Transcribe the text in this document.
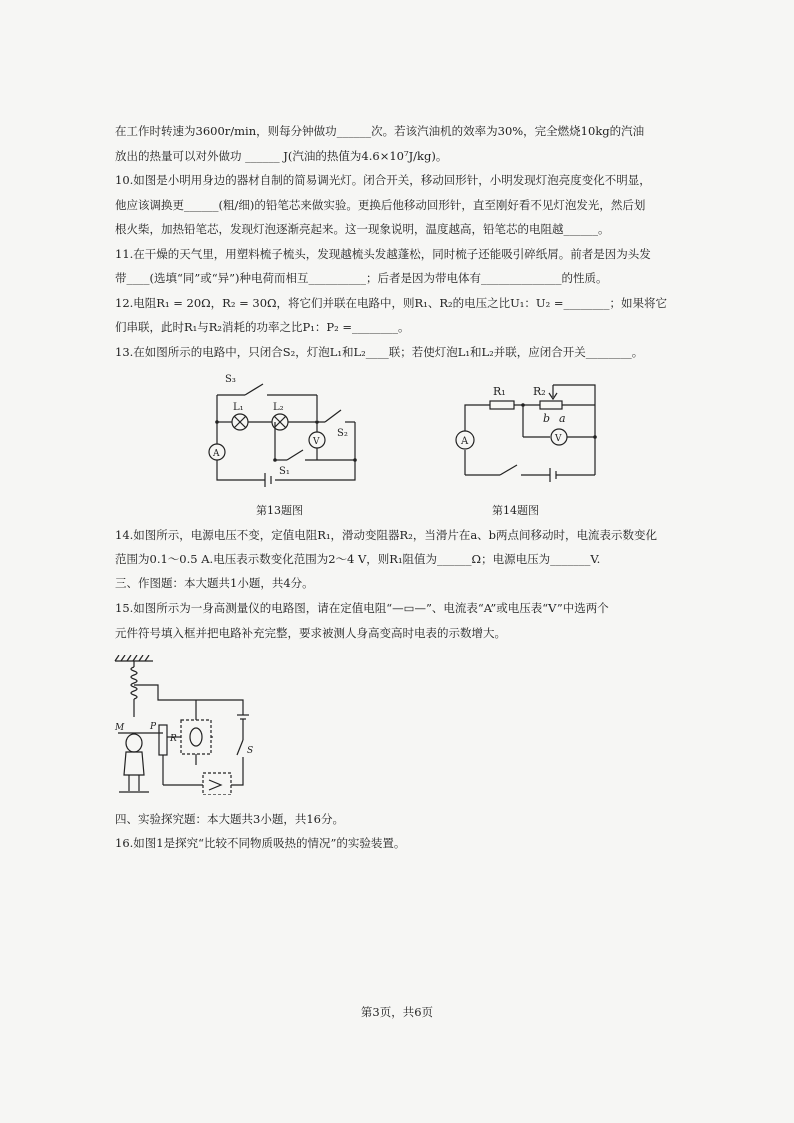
在工作时转速为3600r/min，则每分钟做功______次。若该汽油机的效率为30%，完全燃烧10kg的汽油
放出的热量可以对外做功 ______ J(汽油的热值为4.6×10⁷J/kg)。
10.如图是小明用身边的器材自制的简易调光灯。闭合开关，移动回形针，小明发现灯泡亮度变化不明显，
他应该调换更______(粗/细)的铅笔芯来做实验。更换后他移动回形针，直至刚好看不见灯泡发光，然后划
根火柴，加热铅笔芯，发现灯泡逐渐亮起来。这一现象说明，温度越高，铅笔芯的电阻越______。
11.在干燥的天气里，用塑料梳子梳头，发现越梳头发越蓬松，同时梳子还能吸引碎纸屑。前者是因为头发
带____(选填“同”或“异”)种电荷而相互__________；后者是因为带电体有______________的性质。
12.电阻R₁ = 20Ω，R₂ = 30Ω，将它们并联在电路中，则R₁、R₂的电压之比U₁：U₂ =________；如果将它
们串联，此时R₁与R₂消耗的功率之比P₁：P₂ =________。
13.在如图所示的电路中，只闭合S₂，灯泡L₁和L₂____联；若使灯泡L₁和L₂并联，应闭合开关________。
S₃
L₁	L₂
S₂
S₁
A
V
第13题图
R₁ R₂
b a
A	V
第14题图
14.如图所示，电源电压不变，定值电阻R₁，滑动变阻器R₂，当滑片在a、b两点间移动时，电流表示数变化
范围为0.1～0.5 A.电压表示数变化范围为2～4 V，则R₁阻值为______Ω；电源电压为_______V.
三、作图题：本大题共1小题，共4分。
15.如图所示为一身高测量仪的电路图，请在定值电阻“—▭—”、电流表“A”或电压表“V”中选两个
元件符号填入框并把电路补充完整，要求被测人身高变高时电表的示数增大。
M	P
R
S
四、实验探究题：本大题共3小题，共16分。
16.如图1是探究“比较不同物质吸热的情况”的实验装置。
第3页，共6页
